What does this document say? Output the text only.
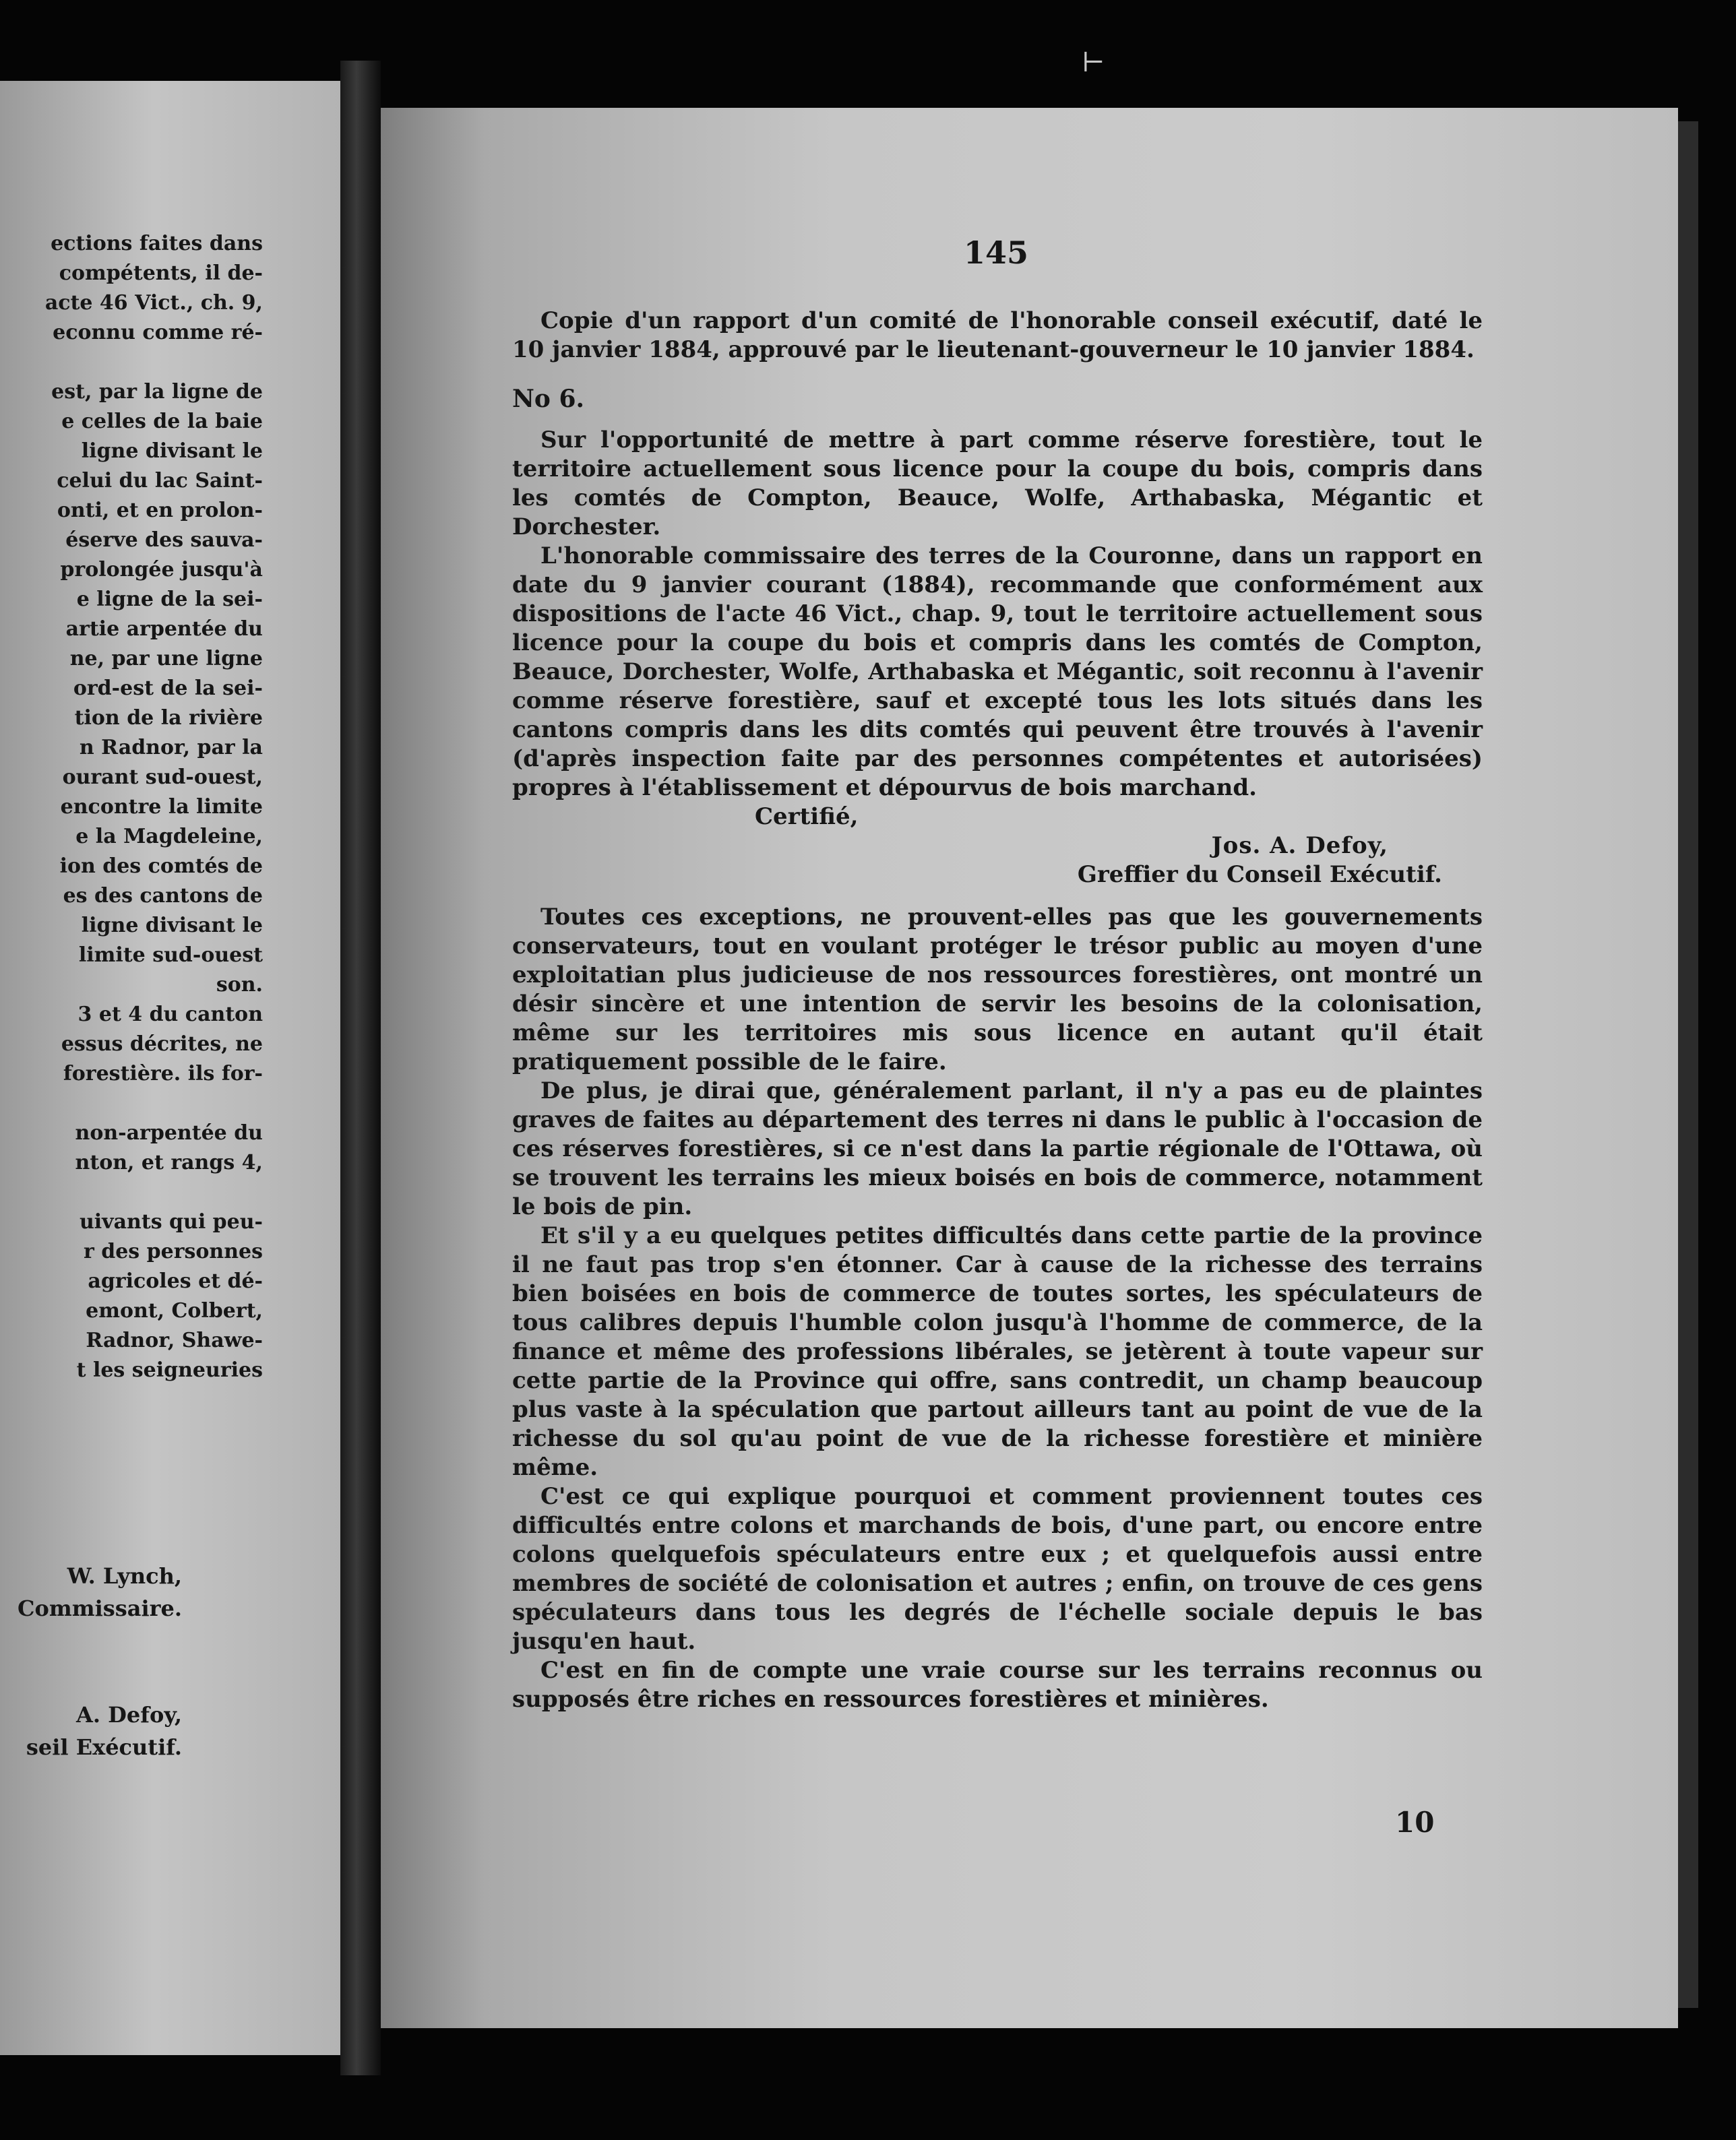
ections faites dans
compétents, il de-
acte 46 Vict., ch. 9,
econnu comme ré-
est, par la ligne de
e celles de la baie
ligne divisant le
celui du lac Saint-
onti, et en prolon-
éserve des sauva-
prolongée jusqu'à
e ligne de la sei-
artie arpentée du
ne, par une ligne
ord-est de la sei-
tion de la rivière
n Radnor, par la
ourant sud-ouest,
encontre la limite
e la Magdeleine,
ion des comtés de
es des cantons de
ligne divisant le
limite sud-ouest
son.
3 et 4 du canton
essus décrites, ne
forestière. ils for-
non-arpentée du
nton, et rangs 4,
uivants qui peu-
r des personnes
agricoles et dé-
emont, Colbert,
Radnor, Shawe-
t les seigneuries
W. Lynch,
Commissaire.
A. Defoy,
seil Exécutif.
⊢
145

Copie d'un rapport d'un comité de l'honorable conseil exécutif, daté le 10 janvier 1884, approuvé par le lieutenant-gouverneur le 10 janvier 1884.

No 6.

Sur l'opportunité de mettre à part comme réserve forestière, tout le territoire actuellement sous licence pour la coupe du bois, compris dans les comtés de Compton, Beauce, Wolfe, Arthabaska, Mégantic et Dorchester.

L'honorable commissaire des terres de la Couronne, dans un rapport en date du 9 janvier courant (1884), recommande que conformément aux dispositions de l'acte 46 Vict., chap. 9, tout le territoire actuellement sous licence pour la coupe du bois et compris dans les comtés de Compton, Beauce, Dorchester, Wolfe, Arthabaska et Mégantic, soit reconnu à l'avenir comme réserve forestière, sauf et excepté tous les lots situés dans les cantons compris dans les dits comtés qui peuvent être trouvés à l'avenir (d'après inspection faite par des personnes compétentes et autorisées) propres à l'établissement et dépourvus de bois marchand.

Certifié,

Jos. A. Defoy,

Greffier du Conseil Exécutif.

Toutes ces exceptions, ne prouvent-elles pas que les gouvernements conservateurs, tout en voulant protéger le trésor public au moyen d'une exploitatian plus judicieuse de nos ressources forestières, ont montré un désir sincère et une intention de servir les besoins de la colonisation, même sur les territoires mis sous licence en autant qu'il était pratiquement possible de le faire.

De plus, je dirai que, généralement parlant, il n'y a pas eu de plaintes graves de faites au département des terres ni dans le public à l'occasion de ces réserves forestières, si ce n'est dans la partie régionale de l'Ottawa, où se trouvent les terrains les mieux boisés en bois de commerce, notamment le bois de pin.

Et s'il y a eu quelques petites difficultés dans cette partie de la province il ne faut pas trop s'en étonner. Car à cause de la richesse des terrains bien boisées en bois de commerce de toutes sortes, les spéculateurs de tous calibres depuis l'humble colon jusqu'à l'homme de commerce, de la finance et même des professions libérales, se jetèrent à toute vapeur sur cette partie de la Province qui offre, sans contredit, un champ beaucoup plus vaste à la spéculation que partout ailleurs tant au point de vue de la richesse du sol qu'au point de vue de la richesse forestière et minière même.

C'est ce qui explique pourquoi et comment proviennent toutes ces difficultés entre colons et marchands de bois, d'une part, ou encore entre colons quelquefois spéculateurs entre eux ; et quelquefois aussi entre membres de société de colonisation et autres ; enfin, on trouve de ces gens spéculateurs dans tous les degrés de l'échelle sociale depuis le bas jusqu'en haut.

C'est en fin de compte une vraie course sur les terrains reconnus ou supposés être riches en ressources forestières et minières.

10
